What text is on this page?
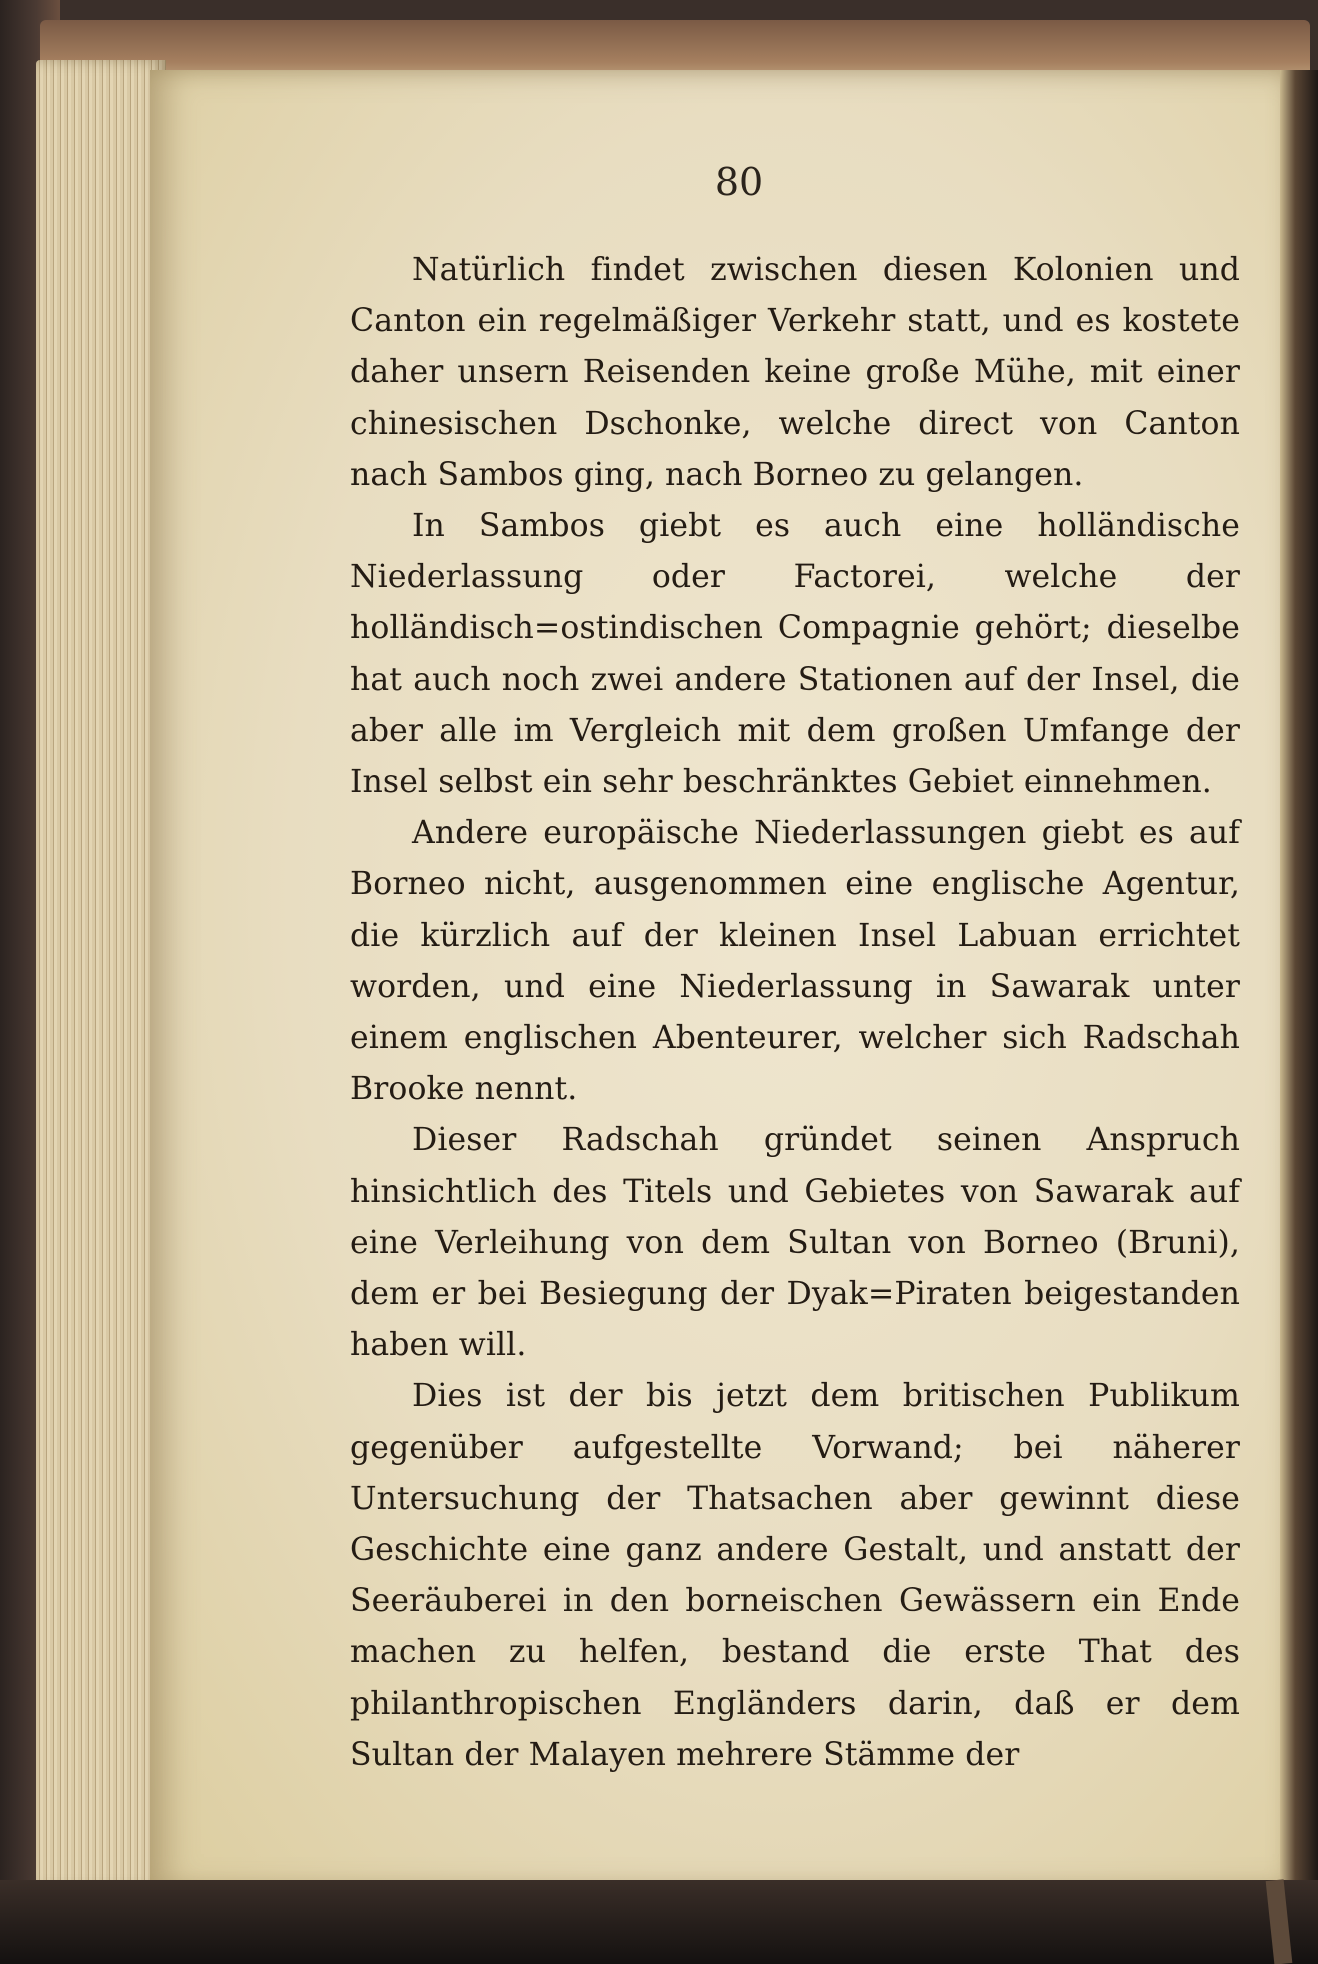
80

Natürlich findet zwischen diesen Kolonien und Canton ein regelmäßiger Verkehr statt, und es kostete daher unsern Reisenden keine große Mühe, mit einer chinesischen Dschonke, welche direct von Canton nach Sambos ging, nach Borneo zu gelangen.

In Sambos giebt es auch eine holländische Niederlassung oder Factorei, welche der holländisch=ostindischen Compagnie gehört; dieselbe hat auch noch zwei andere Stationen auf der Insel, die aber alle im Vergleich mit dem großen Umfange der Insel selbst ein sehr beschränktes Gebiet einnehmen.

Andere europäische Niederlassungen giebt es auf Borneo nicht, ausgenommen eine englische Agentur, die kürzlich auf der kleinen Insel Labuan errichtet worden, und eine Niederlassung in Sawarak unter einem englischen Abenteurer, welcher sich Radschah Brooke nennt.

Dieser Radschah gründet seinen Anspruch hinsichtlich des Titels und Gebietes von Sawarak auf eine Verleihung von dem Sultan von Borneo (Bruni), dem er bei Besiegung der Dyak=Piraten beigestanden haben will.

Dies ist der bis jetzt dem britischen Publikum gegenüber aufgestellte Vorwand; bei näherer Untersuchung der Thatsachen aber gewinnt diese Geschichte eine ganz andere Gestalt, und anstatt der Seeräuberei in den borneischen Gewässern ein Ende machen zu helfen, bestand die erste That des philanthropischen Engländers darin, daß er dem Sultan der Malayen mehrere Stämme der
